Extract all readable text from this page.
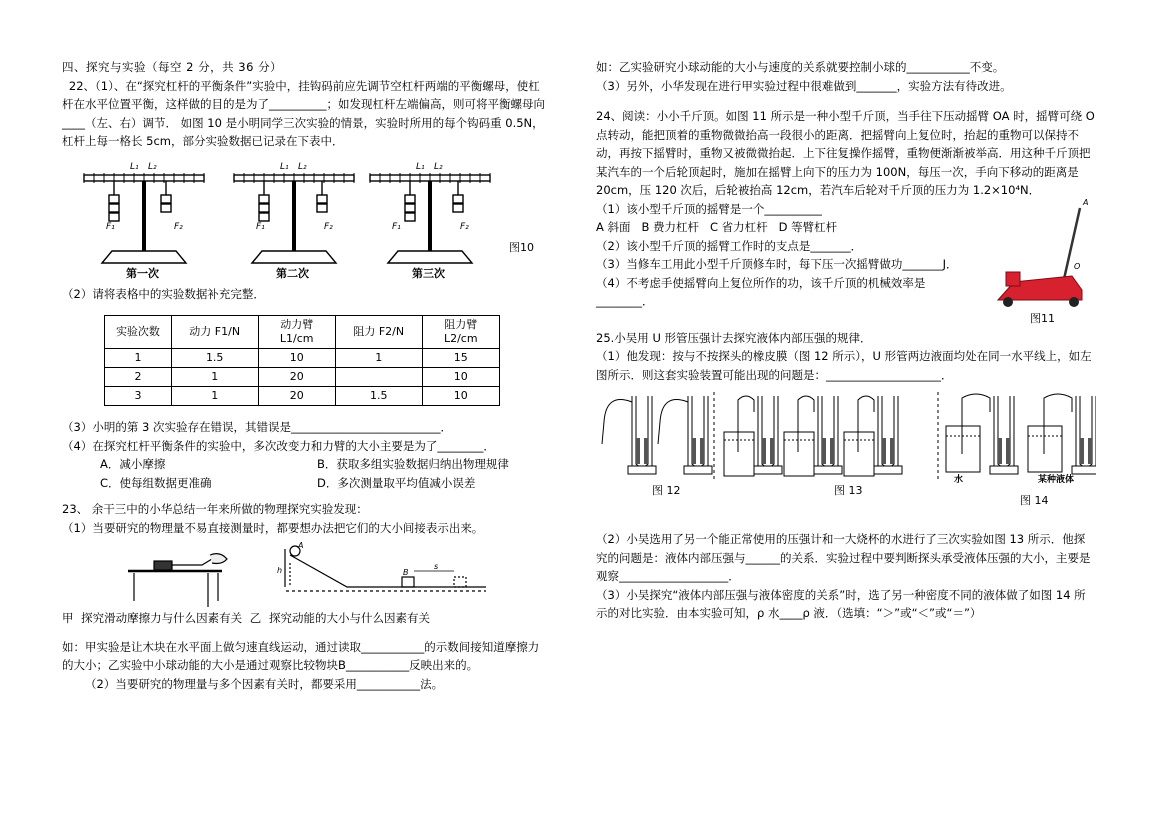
四、探究与实验（每空 2 分，共 36 分）

22、（1）、在“探究杠杆的平衡条件”实验中，挂钩码前应先调节空杠杆两端的平衡螺母，使杠杆在水平位置平衡，这样做的目的是为了__________；如发现杠杆左端偏高，则可将平衡螺母向____（左、右）调节． 如图 10 是小明同学三次实验的情景，实验时所用的每个钩码重 0.5N，杠杆上每一格长 5cm，部分实验数据已记录在下表中．

L₁ L₂
F₁	F₂
第一次
L₁ L₂
F₁	F₂
第二次
L₁ L₂
F₁	F₂
第三次
图10

（2）请将表格中的实验数据补充完整．

实验次数	动力 F1/N	动力臂 L1/cm	阻力 F2/N	阻力臂 L2/cm
1	1.5	10	1	15
2	1	20		10
3	1	20	1.5	10

（3）小明的第 3 次实验存在错误，其错误是__________________________．

（4）在探究杠杆平衡条件的实验中，多次改变力和力臂的大小主要是为了________．

A．减小摩擦	B．获取多组实验数据归纳出物理规律
C．使每组数据更准确	D．多次测量取平均值减小误差

23、 余干三中的小华总结一年来所做的物理探究实验发现：

（1）当要研究的物理量不易直接测量时，都要想办法把它们的大小间接表示出来。

A
h	B
s

甲 探究滑动摩擦力与什么因素有关 乙 探究动能的大小与什么因素有关

如：甲实验是让木块在水平面上做匀速直线运动，通过读取___________的示数间接知道摩擦力的大小；乙实验中小球动能的大小是通过观察比较物块B___________反映出来的。

（2）当要研究的物理量与多个因素有关时，都要采用___________法。

如：乙实验研究小球动能的大小与速度的关系就要控制小球的___________不变。

（3）另外，小华发现在进行甲实验过程中很难做到_______，实验方法有待改进。

24、阅读：小小千斤顶。如图 11 所示是一种小型千斤顶，当手往下压动摇臂 OA 时，摇臂可绕 O 点转动，能把顶着的重物微微抬高一段很小的距离．把摇臂向上复位时，抬起的重物可以保持不动，再按下摇臂时，重物又被微微抬起．上下往复操作摇臂，重物便渐渐被举高．用这种千斤顶把某汽车的一个后轮顶起时，施加在摇臂上向下的压力为 100N，每压一次，手向下移动的距离是 20cm，压 120 次后，后轮被抬高 12cm，若汽车后轮对千斤顶的压力为 1.2×10⁴N．

（1）该小型千斤顶的摇臂是一个__________

A 斜面   B 费力杠杆   C 省力杠杆   D 等臂杠杆

（2）该小型千斤顶的摇臂工作时的支点是_______．

（3）当修车工用此小型千斤顶修车时，每下压一次摇臂做功_______J．

（4）不考虑手使摇臂向上复位所作的功，该千斤顶的机械效率是________．

A
O
图11

25.小吴用 U 形管压强计去探究液体内部压强的规律．

（1）他发现：按与不按探头的橡皮膜（图 12 所示），U 形管两边液面均处在同一水平线上，如左图所示．则这套实验装置可能出现的问题是：____________________．

图 12	图 13
水	某种液体
图 14

（2）小吴选用了另一个能正常使用的压强计和一大烧杯的水进行了三次实验如图 13 所示．他探究的问题是：液体内部压强与______的关系．实验过程中要判断探头承受液体压强的大小，主要是观察___________________．

（3）小吴探究“液体内部压强与液体密度的关系”时，选了另一种密度不同的液体做了如图 14 所示的对比实验．由本实验可知，ρ 水____ρ 液．（选填：“＞”或“＜”或“＝”）
